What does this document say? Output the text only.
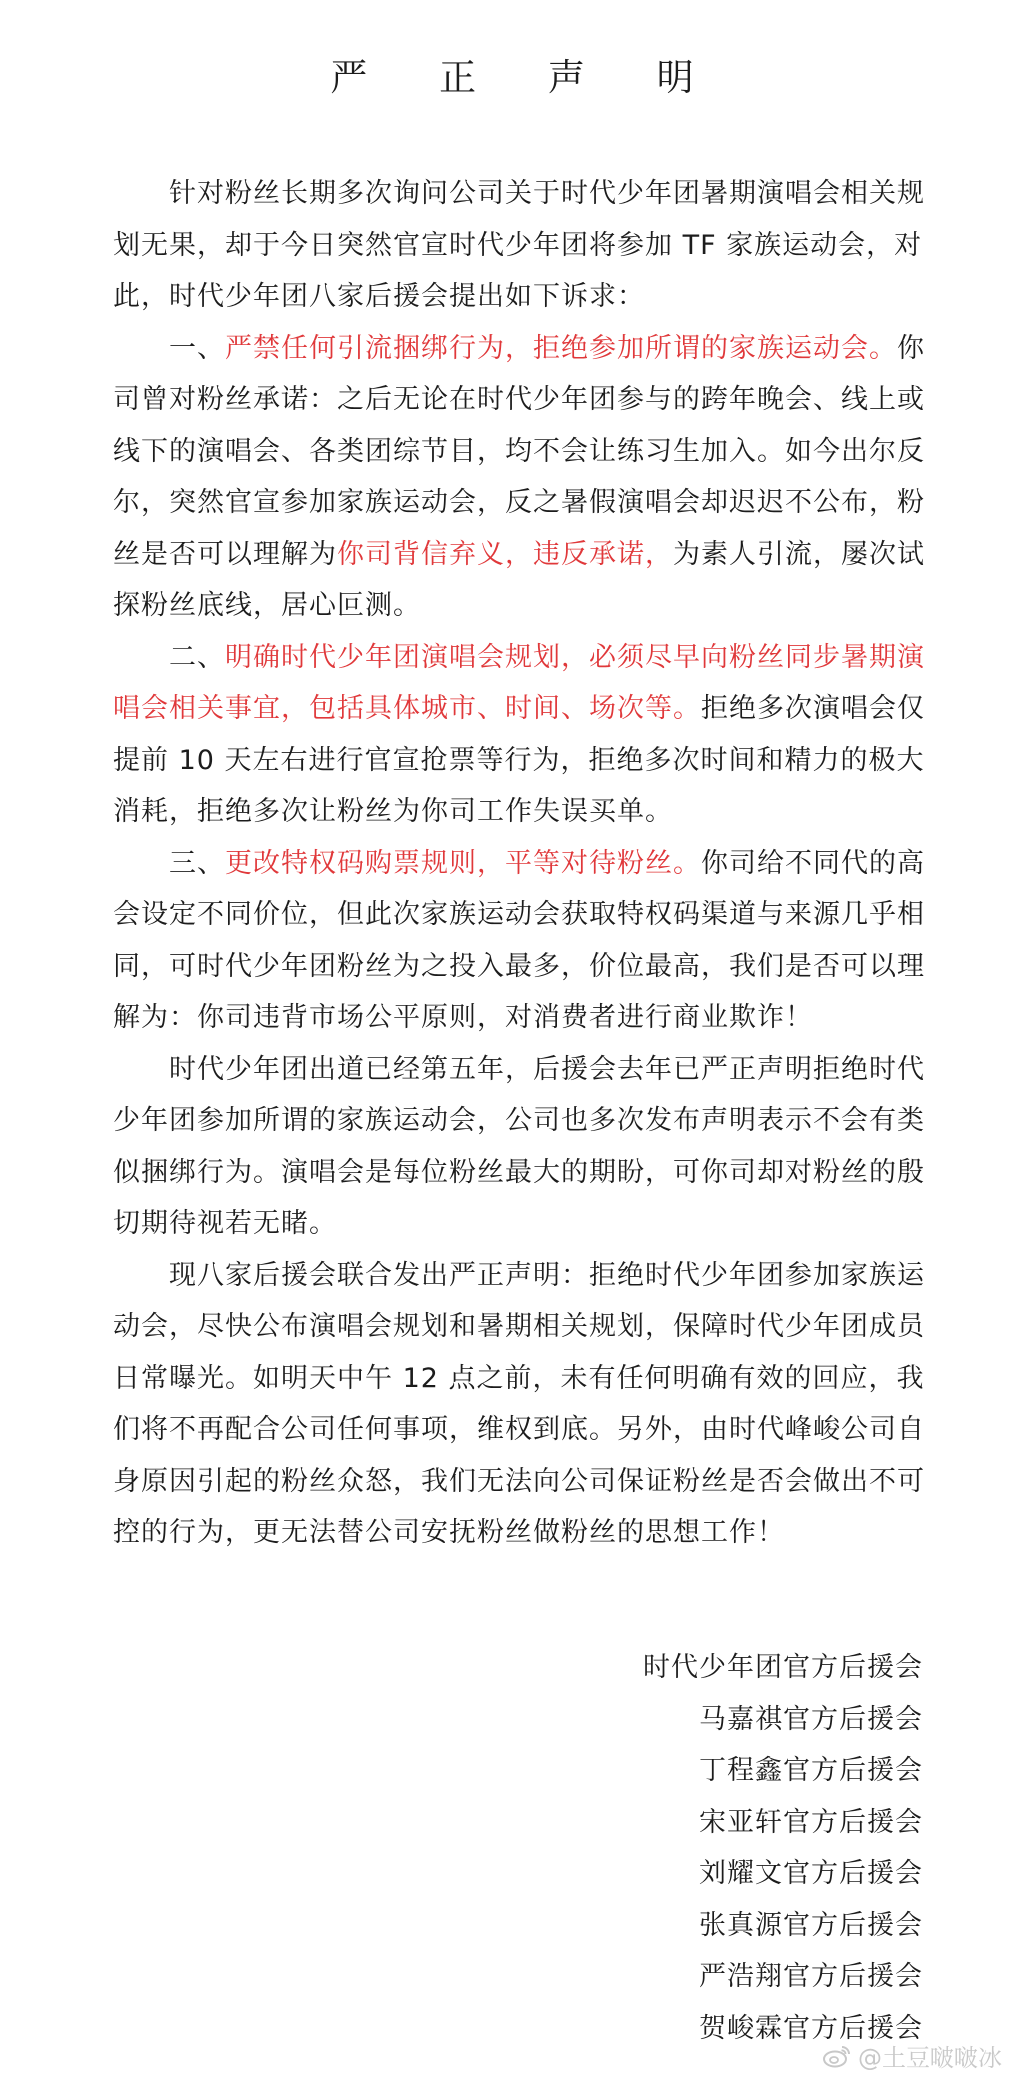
严 正 声 明

针对粉丝长期多次询问公司关于时代少年团暑期演唱会相关规划无果，却于今日突然官宣时代少年团将参加 TF 家族运动会，对此，时代少年团八家后援会提出如下诉求：

一、严禁任何引流捆绑行为，拒绝参加所谓的家族运动会。你司曾对粉丝承诺：之后无论在时代少年团参与的跨年晚会、线上或线下的演唱会、各类团综节目，均不会让练习生加入。如今出尔反尔，突然官宣参加家族运动会，反之暑假演唱会却迟迟不公布，粉丝是否可以理解为你司背信弃义，违反承诺，为素人引流，屡次试探粉丝底线，居心叵测。

二、明确时代少年团演唱会规划，必须尽早向粉丝同步暑期演唱会相关事宜，包括具体城市、时间、场次等。拒绝多次演唱会仅提前 10 天左右进行官宣抢票等行为，拒绝多次时间和精力的极大消耗，拒绝多次让粉丝为你司工作失误买单。

三、更改特权码购票规则，平等对待粉丝。你司给不同代的高会设定不同价位，但此次家族运动会获取特权码渠道与来源几乎相同，可时代少年团粉丝为之投入最多，价位最高，我们是否可以理解为：你司违背市场公平原则，对消费者进行商业欺诈！

时代少年团出道已经第五年，后援会去年已严正声明拒绝时代少年团参加所谓的家族运动会，公司也多次发布声明表示不会有类似捆绑行为。演唱会是每位粉丝最大的期盼，可你司却对粉丝的殷切期待视若无睹。

现八家后援会联合发出严正声明：拒绝时代少年团参加家族运动会，尽快公布演唱会规划和暑期相关规划，保障时代少年团成员日常曝光。如明天中午 12 点之前，未有任何明确有效的回应，我们将不再配合公司任何事项，维权到底。另外，由时代峰峻公司自身原因引起的粉丝众怒，我们无法向公司保证粉丝是否会做出不可控的行为，更无法替公司安抚粉丝做粉丝的思想工作！

时代少年团官方后援会
马嘉祺官方后援会
丁程鑫官方后援会
宋亚轩官方后援会
刘耀文官方后援会
张真源官方后援会
严浩翔官方后援会
贺峻霖官方后援会
@土豆啵啵冰
